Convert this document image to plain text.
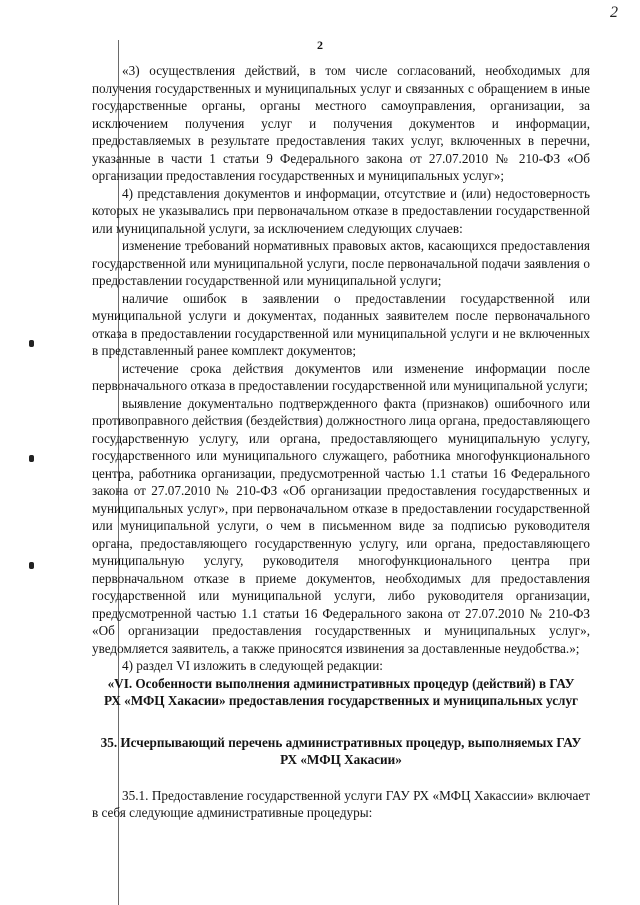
2
2

«3) осуществления действий, в том числе согласований, необходимых для получения государственных и муниципальных услуг и связанных с обращением в иные государственные органы, органы местного самоуправления, организации, за исключением получения услуг и получения документов и информации, предоставляемых в результате предоставления таких услуг, включенных в перечни, указанные в части 1 статьи 9 Федерального закона от 27.07.2010 № 210-ФЗ «Об организации предоставления государственных и муниципальных услуг»;

4) представления документов и информации, отсутствие и (или) недостоверность которых не указывались при первоначальном отказе в предоставлении государственной или муниципальной услуги, за исключением следующих случаев:

изменение требований нормативных правовых актов, касающихся предоставления государственной или муниципальной услуги, после первоначальной подачи заявления о предоставлении государственной или муниципальной услуги;

наличие ошибок в заявлении о предоставлении государственной или муниципальной услуги и документах, поданных заявителем после первоначального отказа в предоставлении государственной или муниципальной услуги и не включенных в представленный ранее комплект документов;

истечение срока действия документов или изменение информации после первоначального отказа в предоставлении государственной или муниципальной услуги;

выявление документально подтвержденного факта (признаков) ошибочного или противоправного действия (бездействия) должностного лица органа, предоставляющего государственную услугу, или органа, предоставляющего муниципальную услугу, государственного или муниципального служащего, работника многофункционального центра, работника организации, предусмотренной частью 1.1 статьи 16 Федерального закона от 27.07.2010 № 210-ФЗ «Об организации предоставления государственных и муниципальных услуг», при первоначальном отказе в предоставлении государственной или муниципальной услуги, о чем в письменном виде за подписью руководителя органа, предоставляющего государственную услугу, или органа, предоставляющего муниципальную услугу, руководителя многофункционального центра при первоначальном отказе в приеме документов, необходимых для предоставления государственной или муниципальной услуги, либо руководителя организации, предусмотренной частью 1.1 статьи 16 Федерального закона от 27.07.2010 № 210-ФЗ «Об организации предоставления государственных и муниципальных услуг», уведомляется заявитель, а также приносятся извинения за доставленные неудобства.»;

4) раздел VI изложить в следующей редакции:

«VI. Особенности выполнения административных процедур (действий) в ГАУ РХ «МФЦ Хакасии» предоставления государственных и муниципальных услуг

35. Исчерпывающий перечень административных процедур, выполняемых ГАУ РХ «МФЦ Хакасии»

35.1. Предоставление государственной услуги ГАУ РХ «МФЦ Хакассии» включает в себя следующие административные процедуры:
